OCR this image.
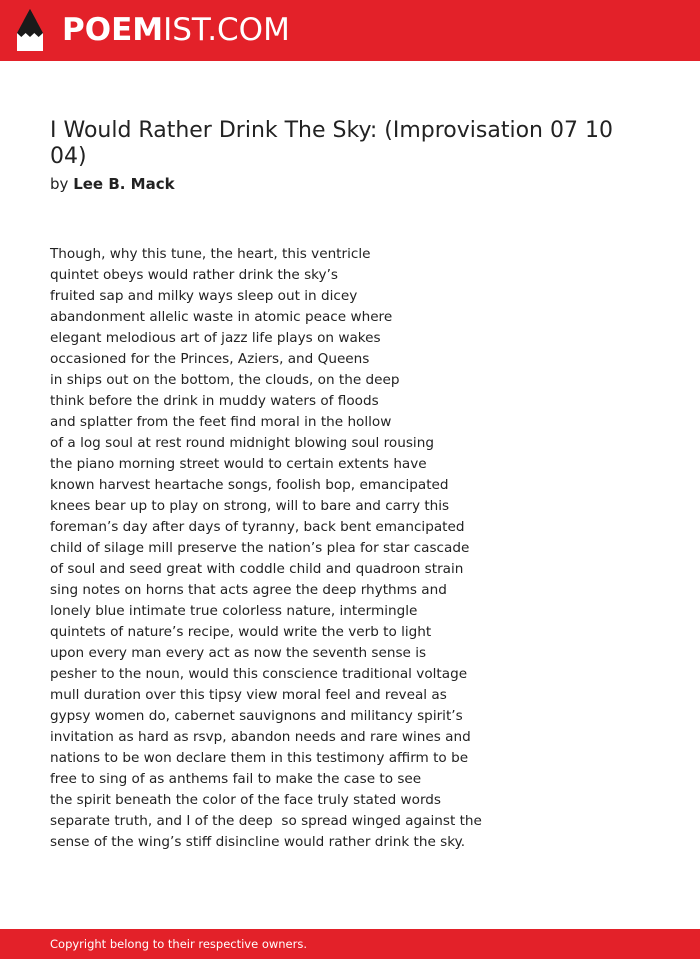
POEMIST.COM
I Would Rather Drink The Sky: (Improvisation 07 10 04)
by Lee B. Mack
Though, why this tune, the heart, this ventricle
quintet obeys would rather drink the sky’s
fruited sap and milky ways sleep out in dicey
abandonment allelic waste in atomic peace where
elegant melodious art of jazz life plays on wakes
occasioned for the Princes, Aziers, and Queens
in ships out on the bottom, the clouds, on the deep
think before the drink in muddy waters of floods
and splatter from the feet find moral in the hollow
of a log soul at rest round midnight blowing soul rousing
the piano morning street would to certain extents have
known harvest heartache songs, foolish bop, emancipated
knees bear up to play on strong, will to bare and carry this
foreman’s day after days of tyranny, back bent emancipated
child of silage mill preserve the nation’s plea for star cascade
of soul and seed great with coddle child and quadroon strain
sing notes on horns that acts agree the deep rhythms and
lonely blue intimate true colorless nature, intermingle
quintets of nature’s recipe, would write the verb to light
upon every man every act as now the seventh sense is
pesher to the noun, would this conscience traditional voltage
mull duration over this tipsy view moral feel and reveal as
gypsy women do, cabernet sauvignons and militancy spirit’s
invitation as hard as rsvp, abandon needs and rare wines and
nations to be won declare them in this testimony affirm to be
free to sing of as anthems fail to make the case to see
the spirit beneath the color of the face truly stated words
separate truth, and I of the deep  so spread winged against the
sense of the wing’s stiff disincline would rather drink the sky.
Copyright belong to their respective owners.
